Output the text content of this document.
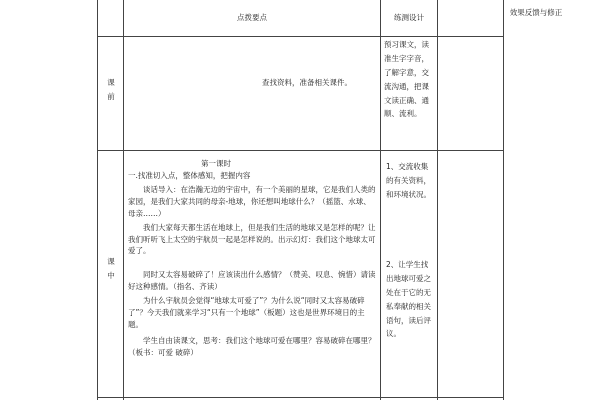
点拨要点	练测设计
效果反馈与修正
课前
查找资料，准备相关课件。
预习课文，读准生字字音，了解字意，交流沟通，把课文读正确、通顺、流利。
课中

第一课时

一.找准切入点，整体感知，把握内容

谈话导入：在浩瀚无边的宇宙中，有一个美丽的星球，它是我们人类的家园，是我们大家共同的母亲-地球，你还想叫地球什么？（摇篮、水球、母亲……）

我们大家每天都生活在地球上，但是我们生活的地球又是怎样的呢？让我们听听飞上太空的宇航员一起是怎样说的。出示幻灯：我们这个地球太可爱了。

同时又太容易破碎了！应该读出什么感情？（赞美、叹息、惋惜）请读好这种感情。（指名、齐读）

为什么宇航员会觉得“地球太可爱了”？为什么说“同时又太容易破碎了”？今天我们就来学习“只有一个地球”（板题）这也是世界环境日的主题。

学生自由读课文，思考：我们这个地球可爱在哪里？容易破碎在哪里？（板书：可爱 破碎）

1、交流收集的有关资料，和环境状况。
2、让学生找出地球可爱之处在于它的无私奉献的相关语句，读后评议。
